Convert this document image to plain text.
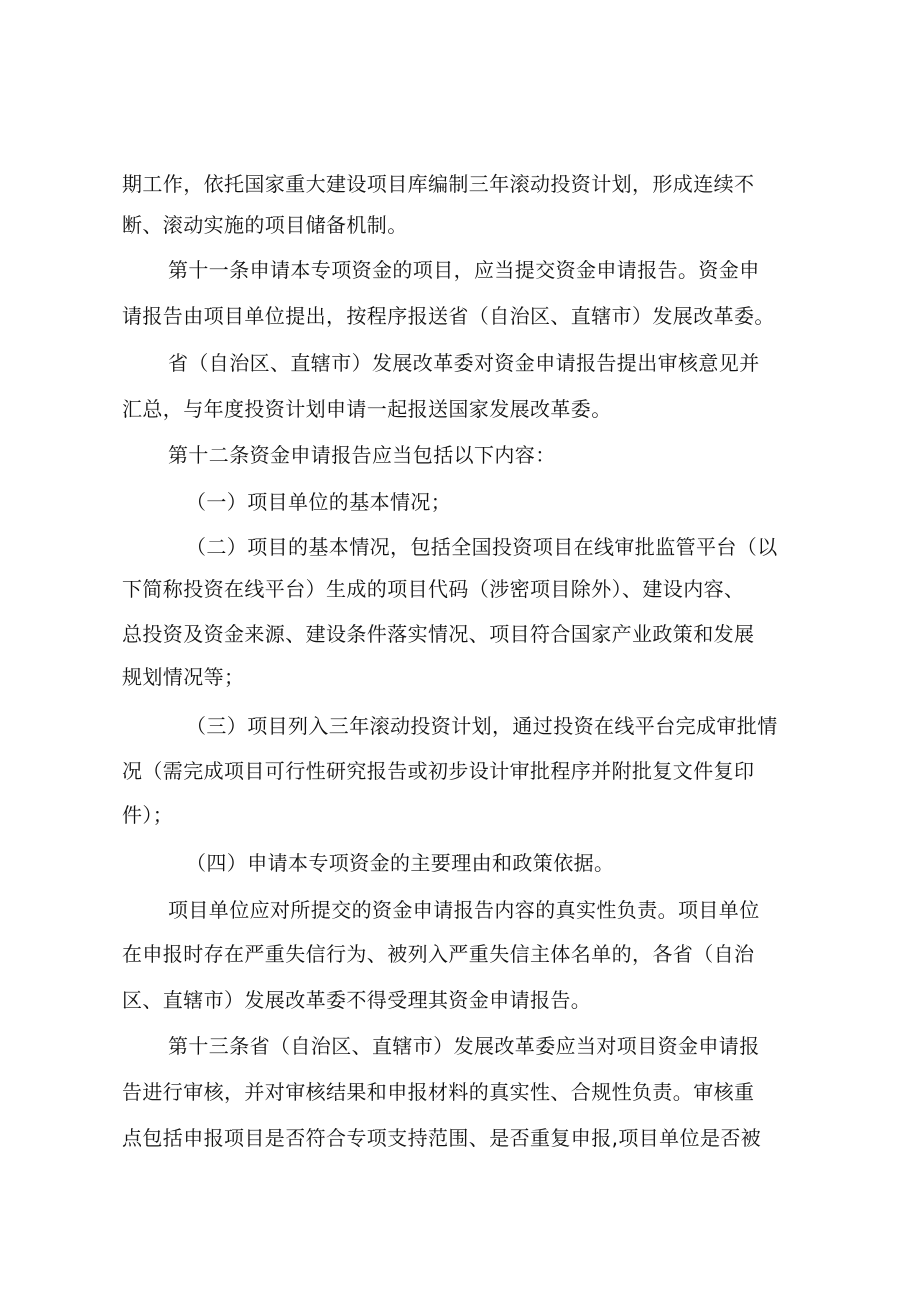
期工作，依托国家重大建设项目库编制三年滚动投资计划，形成连续不
断、滚动实施的项目储备机制。
第十一条申请本专项资金的项目，应当提交资金申请报告。资金申
请报告由项目单位提出，按程序报送省（自治区、直辖市）发展改革委。
省（自治区、直辖市）发展改革委对资金申请报告提出审核意见并
汇总，与年度投资计划申请一起报送国家发展改革委。
第十二条资金申请报告应当包括以下内容：
（一）项目单位的基本情况；
（二）项目的基本情况，包括全国投资项目在线审批监管平台（以
下简称投资在线平台）生成的项目代码（涉密项目除外）、建设内容、
总投资及资金来源、建设条件落实情况、项目符合国家产业政策和发展
规划情况等；
（三）项目列入三年滚动投资计划，通过投资在线平台完成审批情
况（需完成项目可行性研究报告或初步设计审批程序并附批复文件复印
件）；
（四）申请本专项资金的主要理由和政策依据。
项目单位应对所提交的资金申请报告内容的真实性负责。项目单位
在申报时存在严重失信行为、被列入严重失信主体名单的，各省（自治
区、直辖市）发展改革委不得受理其资金申请报告。
第十三条省（自治区、直辖市）发展改革委应当对项目资金申请报
告进行审核，并对审核结果和申报材料的真实性、合规性负责。审核重
点包括申报项目是否符合专项支持范围、是否重复申报,项目单位是否被
